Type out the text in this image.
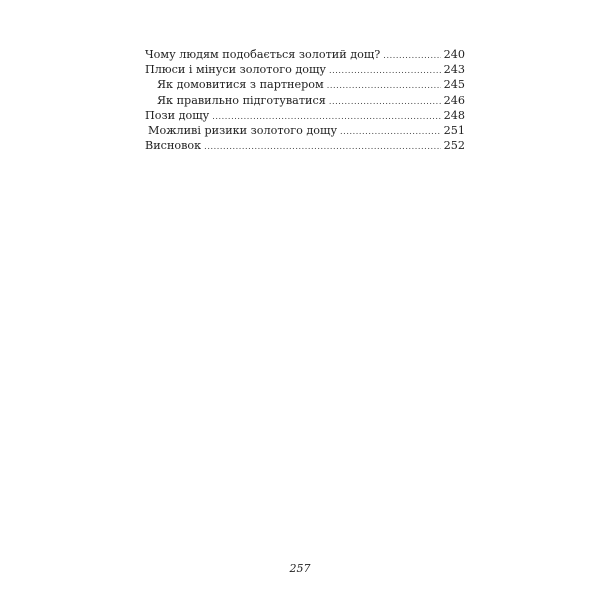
Чому людям подобається золотий дощ? .....	240
Плюси і мінуси золотого дощу .....	243
Як домовитися з партнером .....	245
Як правильно підготуватися .....	246
Пози дощу .....	248
Можливі ризики золотого дощу .....	251
Висновок .....	252
257
